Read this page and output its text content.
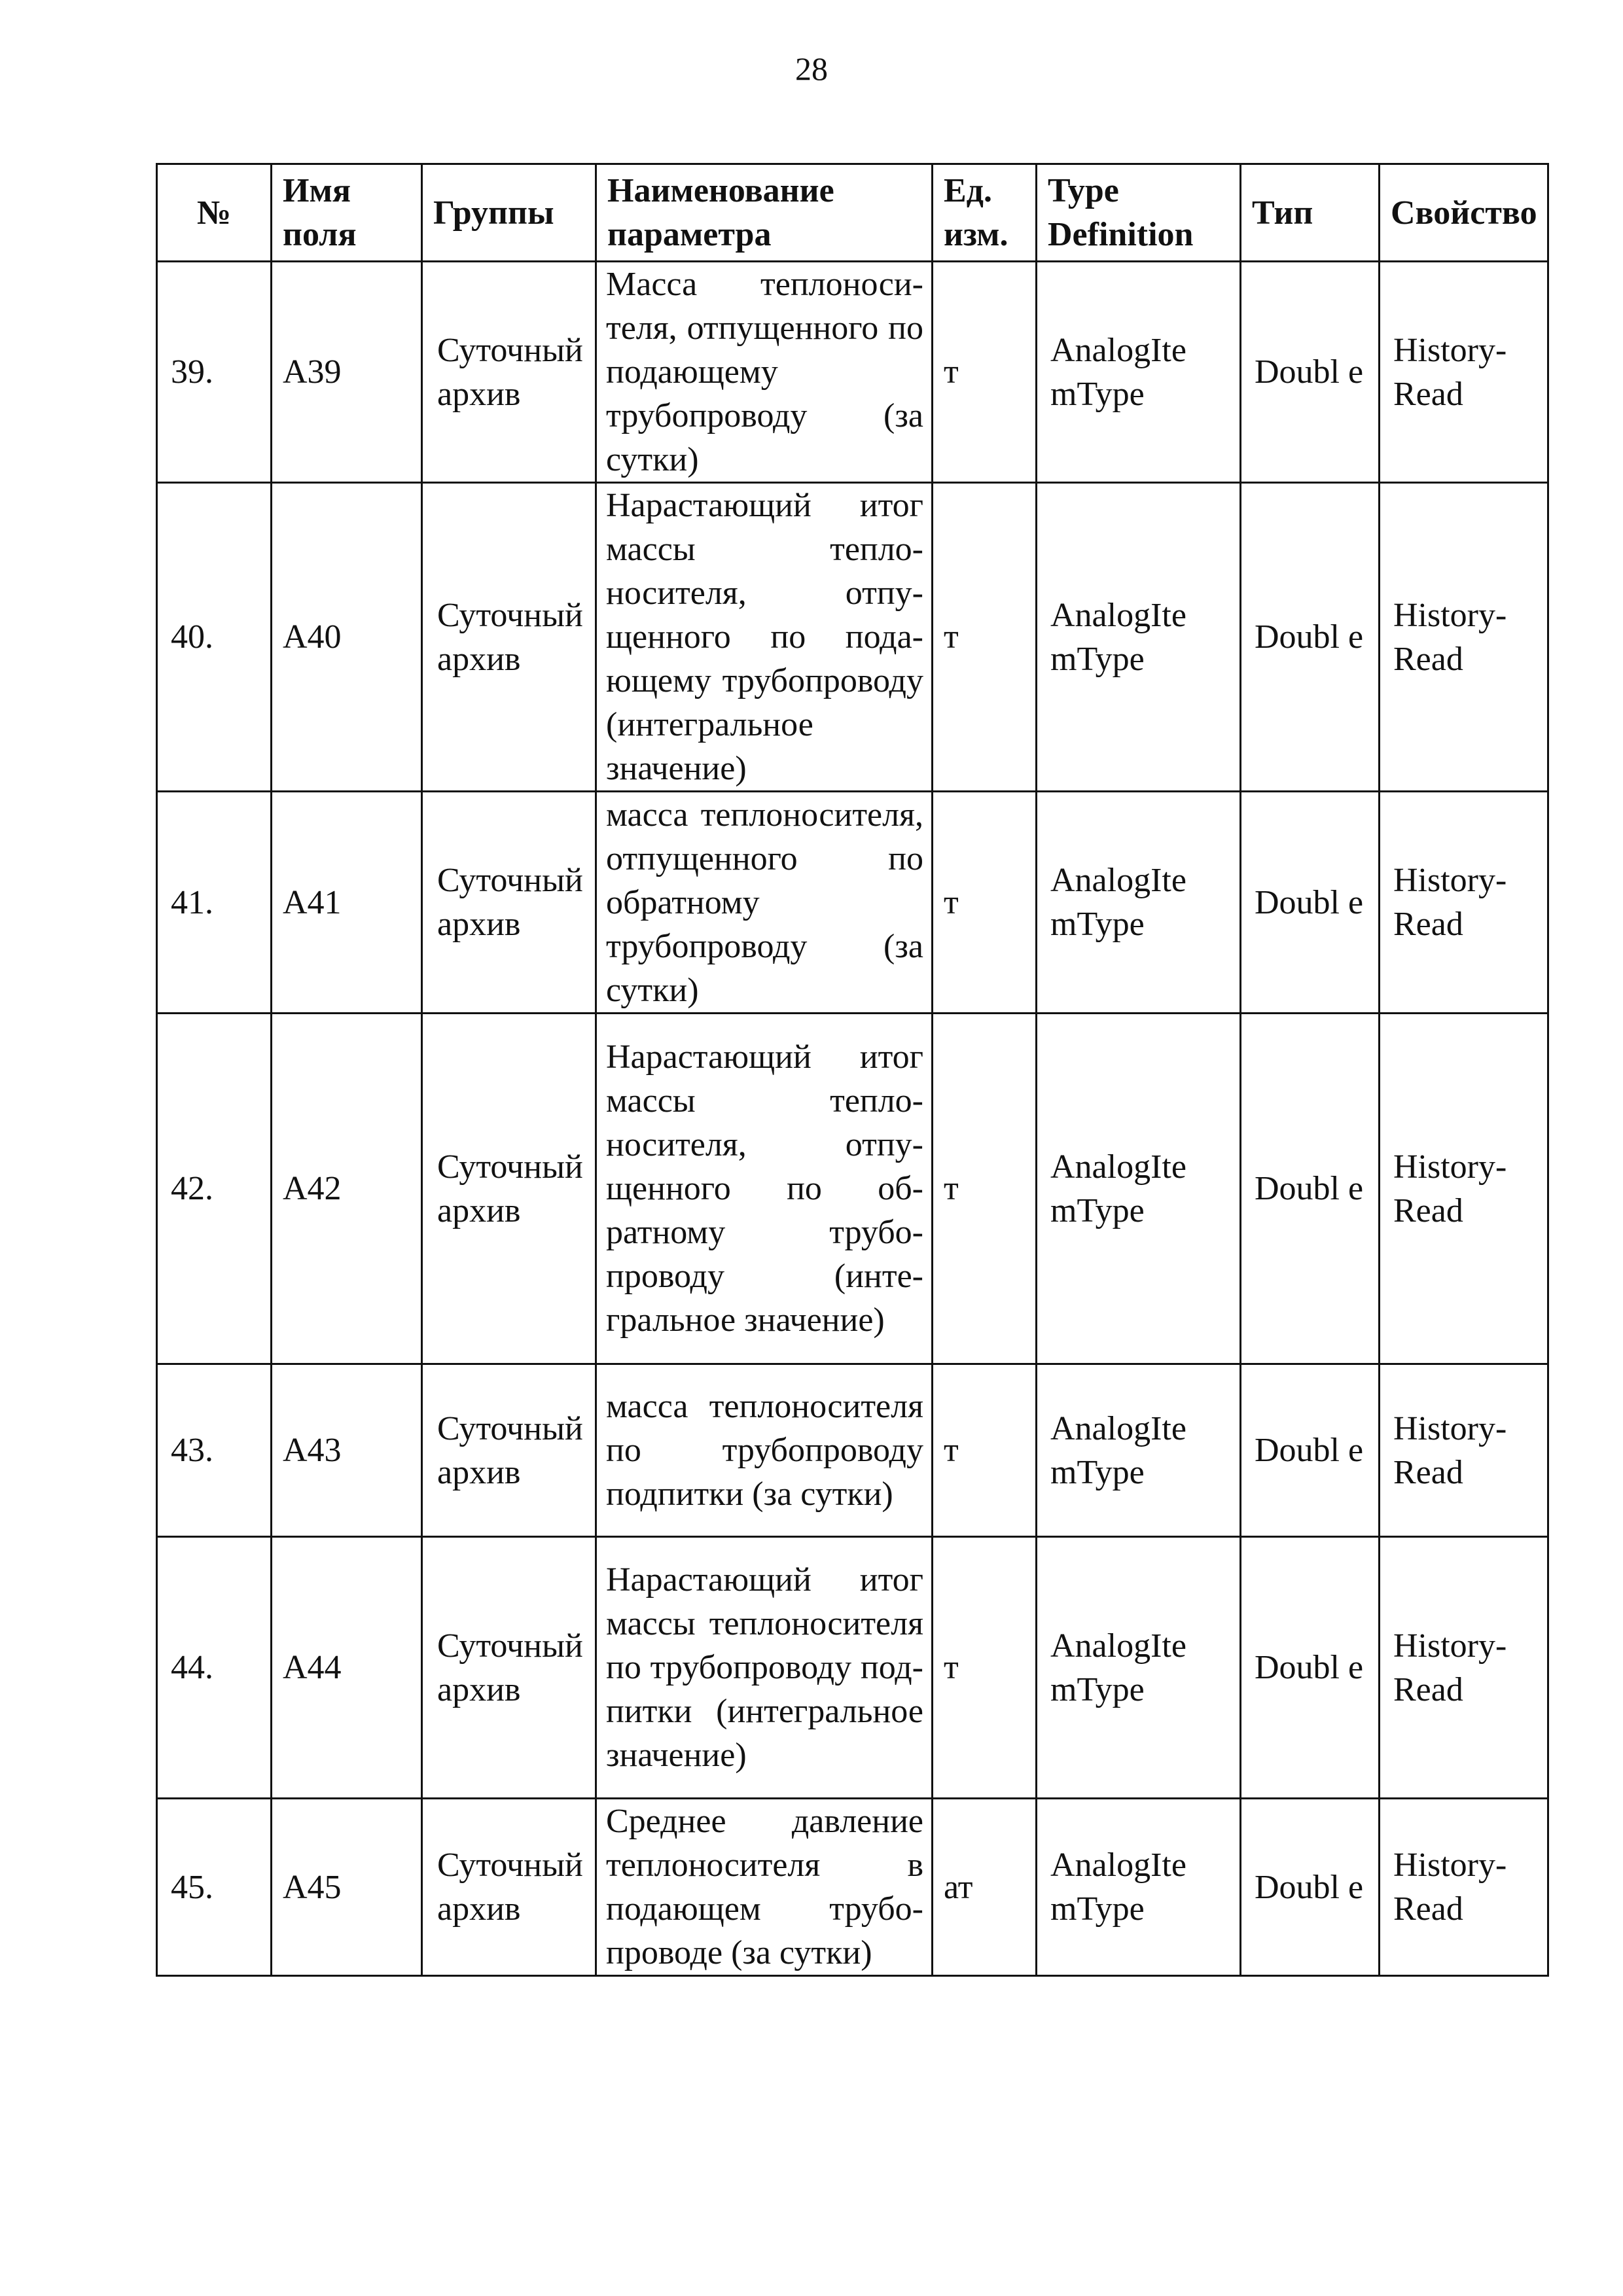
28
№	Имя поля	Группы	Наименование параметра	Ед. изм.	Type Definition	Тип	Свойство
39.	A39	Суточный архив	Масса теплоносителя, отпущенного по подающему трубопроводу (за сутки)	т	AnalogIte mType	Doubl e	History-Read
40.	A40	Суточный архив	Нарастающий итог массы теплоносителя, отпущенного по подающему трубопроводу (интегральное значение)	т	AnalogIte mType	Doubl e	History-Read
41.	A41	Суточный архив	масса теплоносителя, отпущенного по обратному трубопроводу (за сутки)	т	AnalogIte mType	Doubl e	History-Read
42.	A42	Суточный архив	Нарастающий итог массы теплоносителя, отпущенного по обратному трубопроводу (интегральное значение)	т	AnalogIte mType	Doubl e	History-Read
43.	A43	Суточный архив	масса теплоносителя по трубопроводу подпитки (за сутки)	т	AnalogIte mType	Doubl e	History-Read
44.	A44	Суточный архив	Нарастающий итог массы теплоносителя по трубопроводу подпитки (интегральное значение)	т	AnalogIte mType	Doubl e	History-Read
45.	A45	Суточный архив	Среднее давление теплоносителя в подающем трубопроводе (за сутки)	ат	AnalogIte mType	Doubl e	History-Read
